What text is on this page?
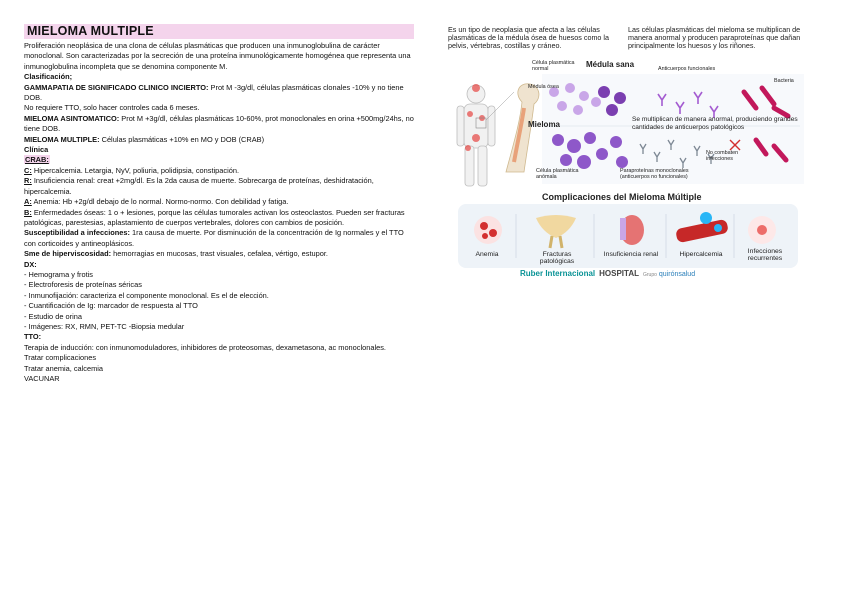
MIELOMA MULTIPLE
Proliferación neoplásica de una clona de células plasmáticas que producen una inmunoglobulina de carácter monoclonal. Son caracterizadas por la secreción de una proteína inmunológicamente homogénea que representa una inmunoglobulina incompleta que se denomina componente M.
Clasificación;
GAMMAPATIA DE SIGNIFICADO CLINICO INCIERTO: Prot M -3g/dl, células plasmáticas clonales -10% y no tiene DOB.
No requiere TTO, solo hacer controles cada 6 meses.
MIELOMA ASINTOMATICO: Prot M +3g/dl, células plasmáticas 10-60%, prot monoclonales en orina +500mg/24hs, no tiene DOB.
MIELOMA MULTIPLE: Células plasmáticas +10% en MO y DOB (CRAB)
Clínica
CRAB:
C: Hipercalcemia. Letargia, NyV, poliuria, polidipsia, constipación.
R: Insuficiencia renal: creat +2mg/dl. Es la 2da causa de muerte. Sobrecarga de proteínas, deshidratación, hipercalcemia.
A: Anemia: Hb +2g/dl debajo de lo normal. Normo-normo. Con debilidad y fatiga.
B: Enfermedades óseas: 1 o + lesiones, porque las células tumorales activan los osteoclastos. Pueden ser fracturas patológicas, parestesias, aplastamiento de cuerpos vertebrales, dolores con cambios de posición.
Susceptibilidad a infecciones: 1ra causa de muerte. Por disminución de la concentración de Ig normales y el TTO con corticoides y antineoplásicos.
Sme de hiperviscosidad: hemorragias en mucosas, trast visuales, cefalea, vértigo, estupor.
DX:
- Hemograma y frotis
- Electroforesis de proteínas séricas
- Inmunofijación: caracteriza el componente monoclonal. Es el de elección.
- Cuantificación de Ig: marcador de respuesta al TTO
- Estudio de orina
- Imágenes: RX, RMN, PET-TC -Biopsia medular
TTO:
Terapia de inducción: con inmunomoduladores, inhibidores de proteosomas, dexametasona, ac monoclonales.
Tratar complicaciones
Tratar anemia, calcemia
VACUNAR
Es un tipo de neoplasia que afecta a las células plasmáticas de la médula ósea de huesos como la pelvis, vértebras, costillas y cráneo.
Las células plasmáticas del mieloma se multiplican de manera anormal y producen paraproteínas que dañan principalmente los huesos y los riñones.
Célula plasmática normal	Médula sana	Anticuerpos funcionales
Bacteria
Médula ósea
Mieloma
Se multiplican de manera anormal, produciendo grandes cantidades de anticuerpos patológicos
No combaten infecciones
Célula plasmática anómala
Paraproteínas monoclonales (anticuerpos no funcionales)
Complicaciones del Mieloma Múltiple
Anemia	Fracturas patológicas
Insuficiencia renal	Hipercalcemia	Infecciones recurrentes
Ruber Internacional HOSPITAL Grupo quirónsalud
